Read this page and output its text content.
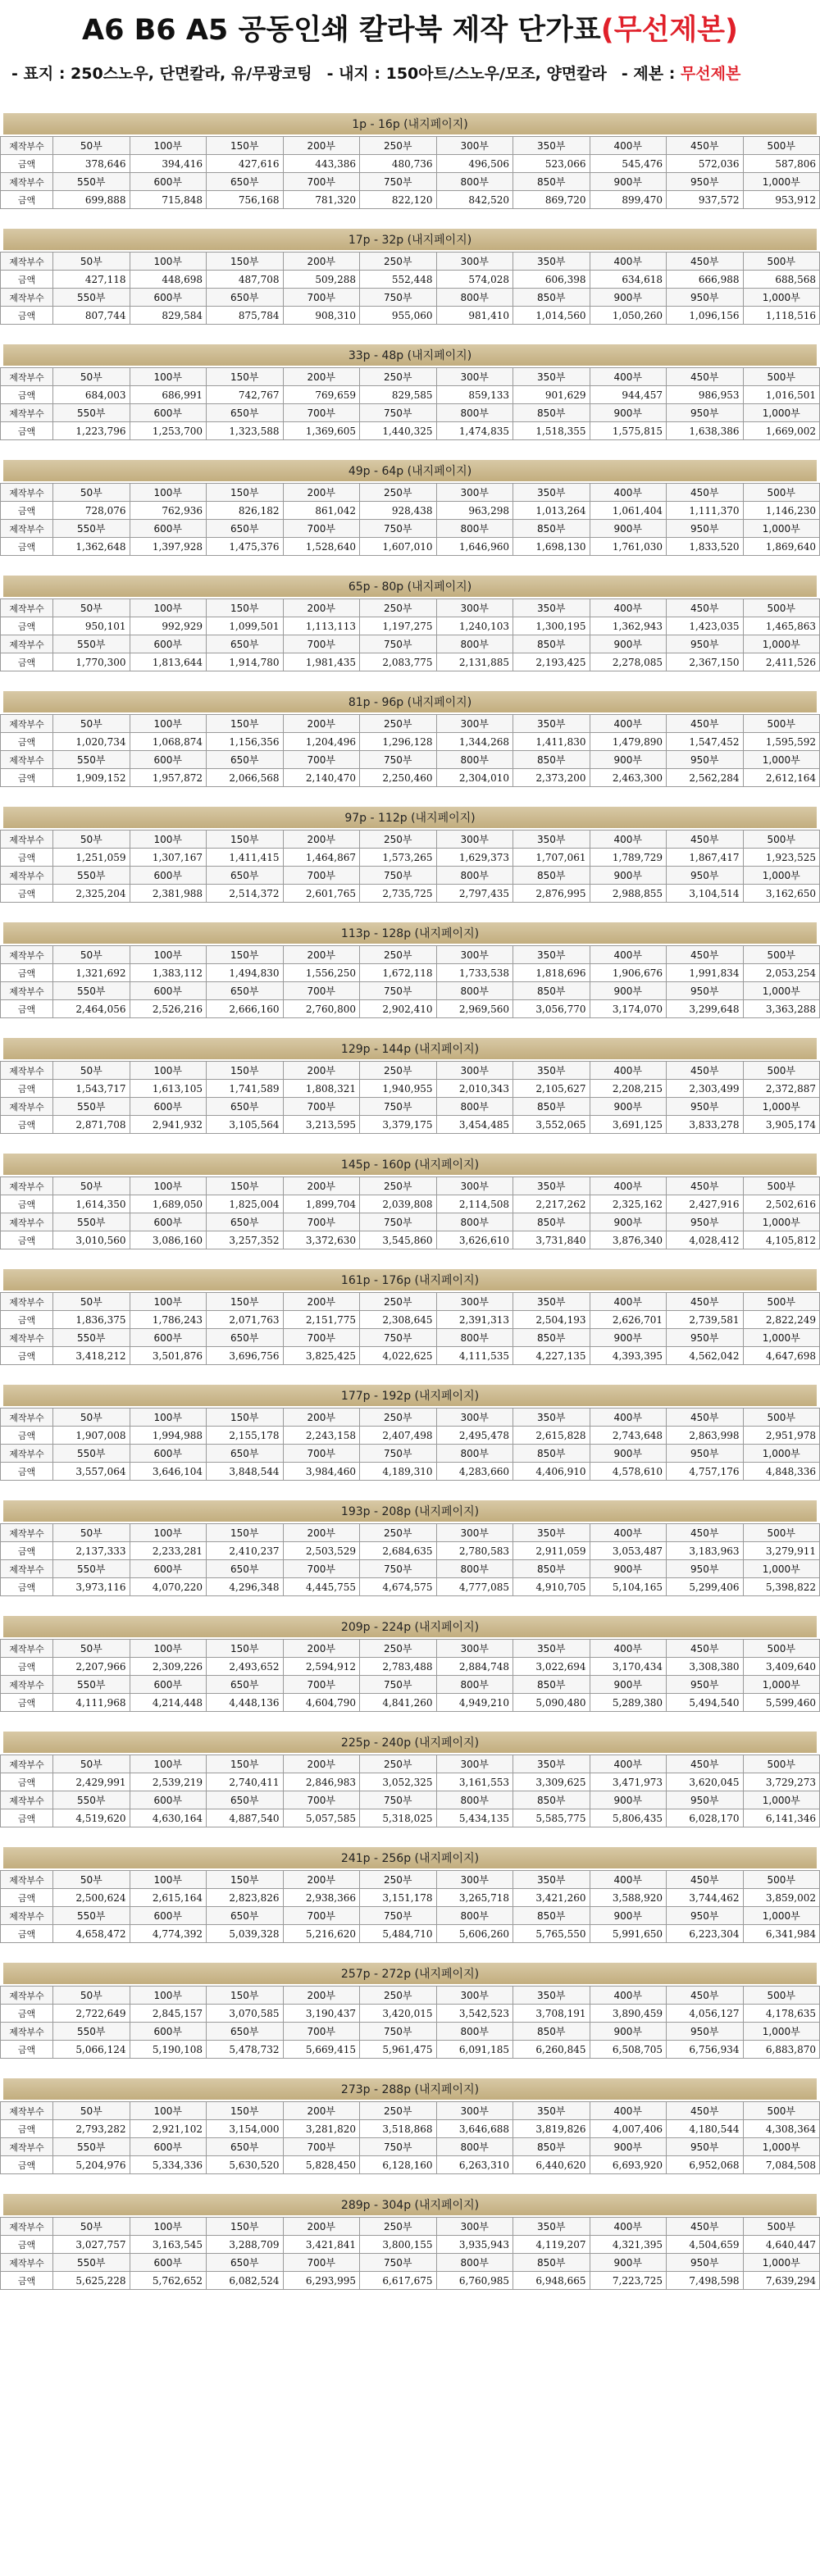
A6 B6 A5 공동인쇄 칼라북 제작 단가표 (무선제본)
- 표지 : 250스노우, 단면칼라, 유/무광코팅 - 내지 : 150아트/스노우/모조, 양면칼라 - 제본 : 무선제본
1p - 16p (내지페이지)
제작부수	50부	100부	150부	200부	250부	300부	350부	400부	450부	500부
금액	378,646	394,416	427,616	443,386	480,736	496,506	523,066	545,476	572,036	587,806
제작부수	550부	600부	650부	700부	750부	800부	850부	900부	950부	1,000부
금액	699,888	715,848	756,168	781,320	822,120	842,520	869,720	899,470	937,572	953,912
17p - 32p (내지페이지)
제작부수	50부	100부	150부	200부	250부	300부	350부	400부	450부	500부
금액	427,118	448,698	487,708	509,288	552,448	574,028	606,398	634,618	666,988	688,568
제작부수	550부	600부	650부	700부	750부	800부	850부	900부	950부	1,000부
금액	807,744	829,584	875,784	908,310	955,060	981,410	1,014,560	1,050,260	1,096,156	1,118,516
33p - 48p (내지페이지)
제작부수	50부	100부	150부	200부	250부	300부	350부	400부	450부	500부
금액	684,003	686,991	742,767	769,659	829,585	859,133	901,629	944,457	986,953	1,016,501
제작부수	550부	600부	650부	700부	750부	800부	850부	900부	950부	1,000부
금액	1,223,796	1,253,700	1,323,588	1,369,605	1,440,325	1,474,835	1,518,355	1,575,815	1,638,386	1,669,002
49p - 64p (내지페이지)
제작부수	50부	100부	150부	200부	250부	300부	350부	400부	450부	500부
금액	728,076	762,936	826,182	861,042	928,438	963,298	1,013,264	1,061,404	1,111,370	1,146,230
제작부수	550부	600부	650부	700부	750부	800부	850부	900부	950부	1,000부
금액	1,362,648	1,397,928	1,475,376	1,528,640	1,607,010	1,646,960	1,698,130	1,761,030	1,833,520	1,869,640
65p - 80p (내지페이지)
제작부수	50부	100부	150부	200부	250부	300부	350부	400부	450부	500부
금액	950,101	992,929	1,099,501	1,113,113	1,197,275	1,240,103	1,300,195	1,362,943	1,423,035	1,465,863
제작부수	550부	600부	650부	700부	750부	800부	850부	900부	950부	1,000부
금액	1,770,300	1,813,644	1,914,780	1,981,435	2,083,775	2,131,885	2,193,425	2,278,085	2,367,150	2,411,526
81p - 96p (내지페이지)
제작부수	50부	100부	150부	200부	250부	300부	350부	400부	450부	500부
금액	1,020,734	1,068,874	1,156,356	1,204,496	1,296,128	1,344,268	1,411,830	1,479,890	1,547,452	1,595,592
제작부수	550부	600부	650부	700부	750부	800부	850부	900부	950부	1,000부
금액	1,909,152	1,957,872	2,066,568	2,140,470	2,250,460	2,304,010	2,373,200	2,463,300	2,562,284	2,612,164
97p - 112p (내지페이지)
제작부수	50부	100부	150부	200부	250부	300부	350부	400부	450부	500부
금액	1,251,059	1,307,167	1,411,415	1,464,867	1,573,265	1,629,373	1,707,061	1,789,729	1,867,417	1,923,525
제작부수	550부	600부	650부	700부	750부	800부	850부	900부	950부	1,000부
금액	2,325,204	2,381,988	2,514,372	2,601,765	2,735,725	2,797,435	2,876,995	2,988,855	3,104,514	3,162,650
113p - 128p (내지페이지)
제작부수	50부	100부	150부	200부	250부	300부	350부	400부	450부	500부
금액	1,321,692	1,383,112	1,494,830	1,556,250	1,672,118	1,733,538	1,818,696	1,906,676	1,991,834	2,053,254
제작부수	550부	600부	650부	700부	750부	800부	850부	900부	950부	1,000부
금액	2,464,056	2,526,216	2,666,160	2,760,800	2,902,410	2,969,560	3,056,770	3,174,070	3,299,648	3,363,288
129p - 144p (내지페이지)
제작부수	50부	100부	150부	200부	250부	300부	350부	400부	450부	500부
금액	1,543,717	1,613,105	1,741,589	1,808,321	1,940,955	2,010,343	2,105,627	2,208,215	2,303,499	2,372,887
제작부수	550부	600부	650부	700부	750부	800부	850부	900부	950부	1,000부
금액	2,871,708	2,941,932	3,105,564	3,213,595	3,379,175	3,454,485	3,552,065	3,691,125	3,833,278	3,905,174
145p - 160p (내지페이지)
제작부수	50부	100부	150부	200부	250부	300부	350부	400부	450부	500부
금액	1,614,350	1,689,050	1,825,004	1,899,704	2,039,808	2,114,508	2,217,262	2,325,162	2,427,916	2,502,616
제작부수	550부	600부	650부	700부	750부	800부	850부	900부	950부	1,000부
금액	3,010,560	3,086,160	3,257,352	3,372,630	3,545,860	3,626,610	3,731,840	3,876,340	4,028,412	4,105,812
161p - 176p (내지페이지)
제작부수	50부	100부	150부	200부	250부	300부	350부	400부	450부	500부
금액	1,836,375	1,786,243	2,071,763	2,151,775	2,308,645	2,391,313	2,504,193	2,626,701	2,739,581	2,822,249
제작부수	550부	600부	650부	700부	750부	800부	850부	900부	950부	1,000부
금액	3,418,212	3,501,876	3,696,756	3,825,425	4,022,625	4,111,535	4,227,135	4,393,395	4,562,042	4,647,698
177p - 192p (내지페이지)
제작부수	50부	100부	150부	200부	250부	300부	350부	400부	450부	500부
금액	1,907,008	1,994,988	2,155,178	2,243,158	2,407,498	2,495,478	2,615,828	2,743,648	2,863,998	2,951,978
제작부수	550부	600부	650부	700부	750부	800부	850부	900부	950부	1,000부
금액	3,557,064	3,646,104	3,848,544	3,984,460	4,189,310	4,283,660	4,406,910	4,578,610	4,757,176	4,848,336
193p - 208p (내지페이지)
제작부수	50부	100부	150부	200부	250부	300부	350부	400부	450부	500부
금액	2,137,333	2,233,281	2,410,237	2,503,529	2,684,635	2,780,583	2,911,059	3,053,487	3,183,963	3,279,911
제작부수	550부	600부	650부	700부	750부	800부	850부	900부	950부	1,000부
금액	3,973,116	4,070,220	4,296,348	4,445,755	4,674,575	4,777,085	4,910,705	5,104,165	5,299,406	5,398,822
209p - 224p (내지페이지)
제작부수	50부	100부	150부	200부	250부	300부	350부	400부	450부	500부
금액	2,207,966	2,309,226	2,493,652	2,594,912	2,783,488	2,884,748	3,022,694	3,170,434	3,308,380	3,409,640
제작부수	550부	600부	650부	700부	750부	800부	850부	900부	950부	1,000부
금액	4,111,968	4,214,448	4,448,136	4,604,790	4,841,260	4,949,210	5,090,480	5,289,380	5,494,540	5,599,460
225p - 240p (내지페이지)
제작부수	50부	100부	150부	200부	250부	300부	350부	400부	450부	500부
금액	2,429,991	2,539,219	2,740,411	2,846,983	3,052,325	3,161,553	3,309,625	3,471,973	3,620,045	3,729,273
제작부수	550부	600부	650부	700부	750부	800부	850부	900부	950부	1,000부
금액	4,519,620	4,630,164	4,887,540	5,057,585	5,318,025	5,434,135	5,585,775	5,806,435	6,028,170	6,141,346
241p - 256p (내지페이지)
제작부수	50부	100부	150부	200부	250부	300부	350부	400부	450부	500부
금액	2,500,624	2,615,164	2,823,826	2,938,366	3,151,178	3,265,718	3,421,260	3,588,920	3,744,462	3,859,002
제작부수	550부	600부	650부	700부	750부	800부	850부	900부	950부	1,000부
금액	4,658,472	4,774,392	5,039,328	5,216,620	5,484,710	5,606,260	5,765,550	5,991,650	6,223,304	6,341,984
257p - 272p (내지페이지)
제작부수	50부	100부	150부	200부	250부	300부	350부	400부	450부	500부
금액	2,722,649	2,845,157	3,070,585	3,190,437	3,420,015	3,542,523	3,708,191	3,890,459	4,056,127	4,178,635
제작부수	550부	600부	650부	700부	750부	800부	850부	900부	950부	1,000부
금액	5,066,124	5,190,108	5,478,732	5,669,415	5,961,475	6,091,185	6,260,845	6,508,705	6,756,934	6,883,870
273p - 288p (내지페이지)
제작부수	50부	100부	150부	200부	250부	300부	350부	400부	450부	500부
금액	2,793,282	2,921,102	3,154,000	3,281,820	3,518,868	3,646,688	3,819,826	4,007,406	4,180,544	4,308,364
제작부수	550부	600부	650부	700부	750부	800부	850부	900부	950부	1,000부
금액	5,204,976	5,334,336	5,630,520	5,828,450	6,128,160	6,263,310	6,440,620	6,693,920	6,952,068	7,084,508
289p - 304p (내지페이지)
제작부수	50부	100부	150부	200부	250부	300부	350부	400부	450부	500부
금액	3,027,757	3,163,545	3,288,709	3,421,841	3,800,155	3,935,943	4,119,207	4,321,395	4,504,659	4,640,447
제작부수	550부	600부	650부	700부	750부	800부	850부	900부	950부	1,000부
금액	5,625,228	5,762,652	6,082,524	6,293,995	6,617,675	6,760,985	6,948,665	7,223,725	7,498,598	7,639,294
